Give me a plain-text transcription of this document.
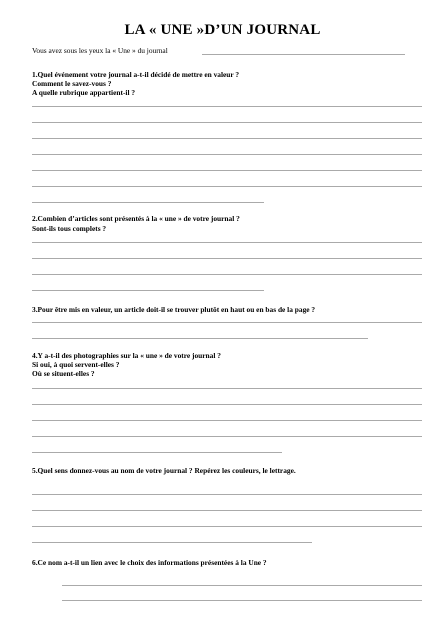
LA « UNE »D’UN JOURNAL
Vous avez sous les yeux la « Une » du journal
1.Quel événement votre journal a-t-il décidé de mettre en valeur ?
Comment le savez-vous ?
A quelle rubrique appartient-il ?
2.Combien d’articles sont présentés à la « une » de votre journal ?
Sont-ils tous complets ?
3.Pour être mis en valeur, un article doit-il se trouver plutôt en haut ou en bas de la page ?
4.Y a-t-il des photographies sur la « une » de votre journal ?
Si oui, à quoi servent-elles ?
Où se situent-elles ?
5.Quel sens donnez-vous au nom de votre journal ? Repérez les couleurs, le lettrage.
6.Ce nom a-t-il un lien avec le choix des informations présentées à la Une ?
